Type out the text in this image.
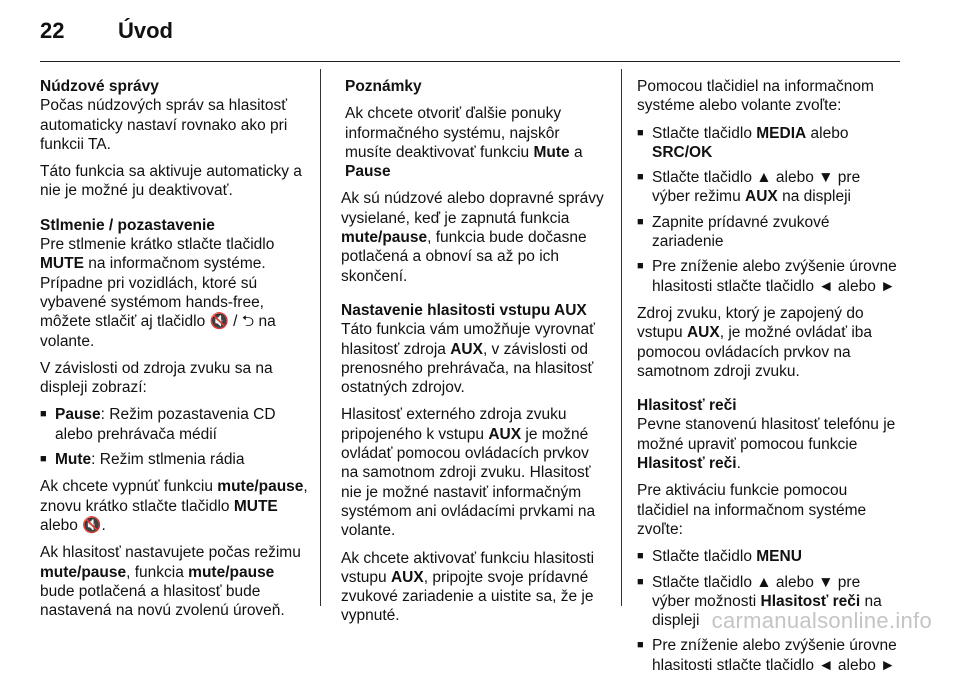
22 Úvod

Núdzové správy

Počas núdzových správ sa hlasitosť automaticky nastaví rovnako ako pri funkcii TA.

Táto funkcia sa aktivuje automaticky a nie je možné ju deaktivovať.

Stlmenie / pozastavenie

Pre stlmenie krátko stlačte tlačidlo MUTE na informačnom systéme. Prípadne pri vozidlách, ktoré sú vybavené systémom hands-free, môžete stlačiť aj tlačidlo 🔇 / ⮌ na volante.

V závislosti od zdroja zvuku sa na displeji zobrazí:

■ Pause: Režim pozastavenia CD alebo prehrávača médií
■ Mute: Režim stlmenia rádia

Ak chcete vypnúť funkciu mute/pause, znovu krátko stlačte tlačidlo MUTE alebo 🔇.

Ak hlasitosť nastavujete počas režimu mute/pause, funkcia mute/pause bude potlačená a hlasitosť bude nastavená na novú zvolenú úroveň.

Poznámky

Ak chcete otvoriť ďalšie ponuky informačného systému, najskôr musíte deaktivovať funkciu Mute a Pause

Ak sú núdzové alebo dopravné správy vysielané, keď je zapnutá funkcia mute/pause, funkcia bude dočasne potlačená a obnoví sa až po ich skončení.

Nastavenie hlasitosti vstupu AUX

Táto funkcia vám umožňuje vyrovnať hlasitosť zdroja AUX, v závislosti od prenosného prehrávača, na hlasitosť ostatných zdrojov.

Hlasitosť externého zdroja zvuku pripojeného k vstupu AUX je možné ovládať pomocou ovládacích prvkov na samotnom zdroji zvuku. Hlasitosť nie je možné nastaviť informačným systémom ani ovládacími prvkami na volante.

Ak chcete aktivovať funkciu hlasitosti vstupu AUX, pripojte svoje prídavné zvukové zariadenie a uistite sa, že je vypnuté.

Pomocou tlačidiel na informačnom systéme alebo volante zvoľte:

■ Stlačte tlačidlo MEDIA alebo SRC/OK
■ Stlačte tlačidlo ▲ alebo ▼ pre výber režimu AUX na displeji
■ Zapnite prídavné zvukové zariadenie
■ Pre zníženie alebo zvýšenie úrovne hlasitosti stlačte tlačidlo ◄ alebo ►

Zdroj zvuku, ktorý je zapojený do vstupu AUX, je možné ovládať iba pomocou ovládacích prvkov na samotnom zdroji zvuku.

Hlasitosť reči

Pevne stanovenú hlasitosť telefónu je možné upraviť pomocou funkcie Hlasitosť reči.

Pre aktiváciu funkcie pomocou tlačidiel na informačnom systéme zvoľte:

■ Stlačte tlačidlo MENU
■ Stlačte tlačidlo ▲ alebo ▼ pre výber možnosti Hlasitosť reči na displeji
■ Pre zníženie alebo zvýšenie úrovne hlasitosti stlačte tlačidlo ◄ alebo ►
carmanualsonline.info
